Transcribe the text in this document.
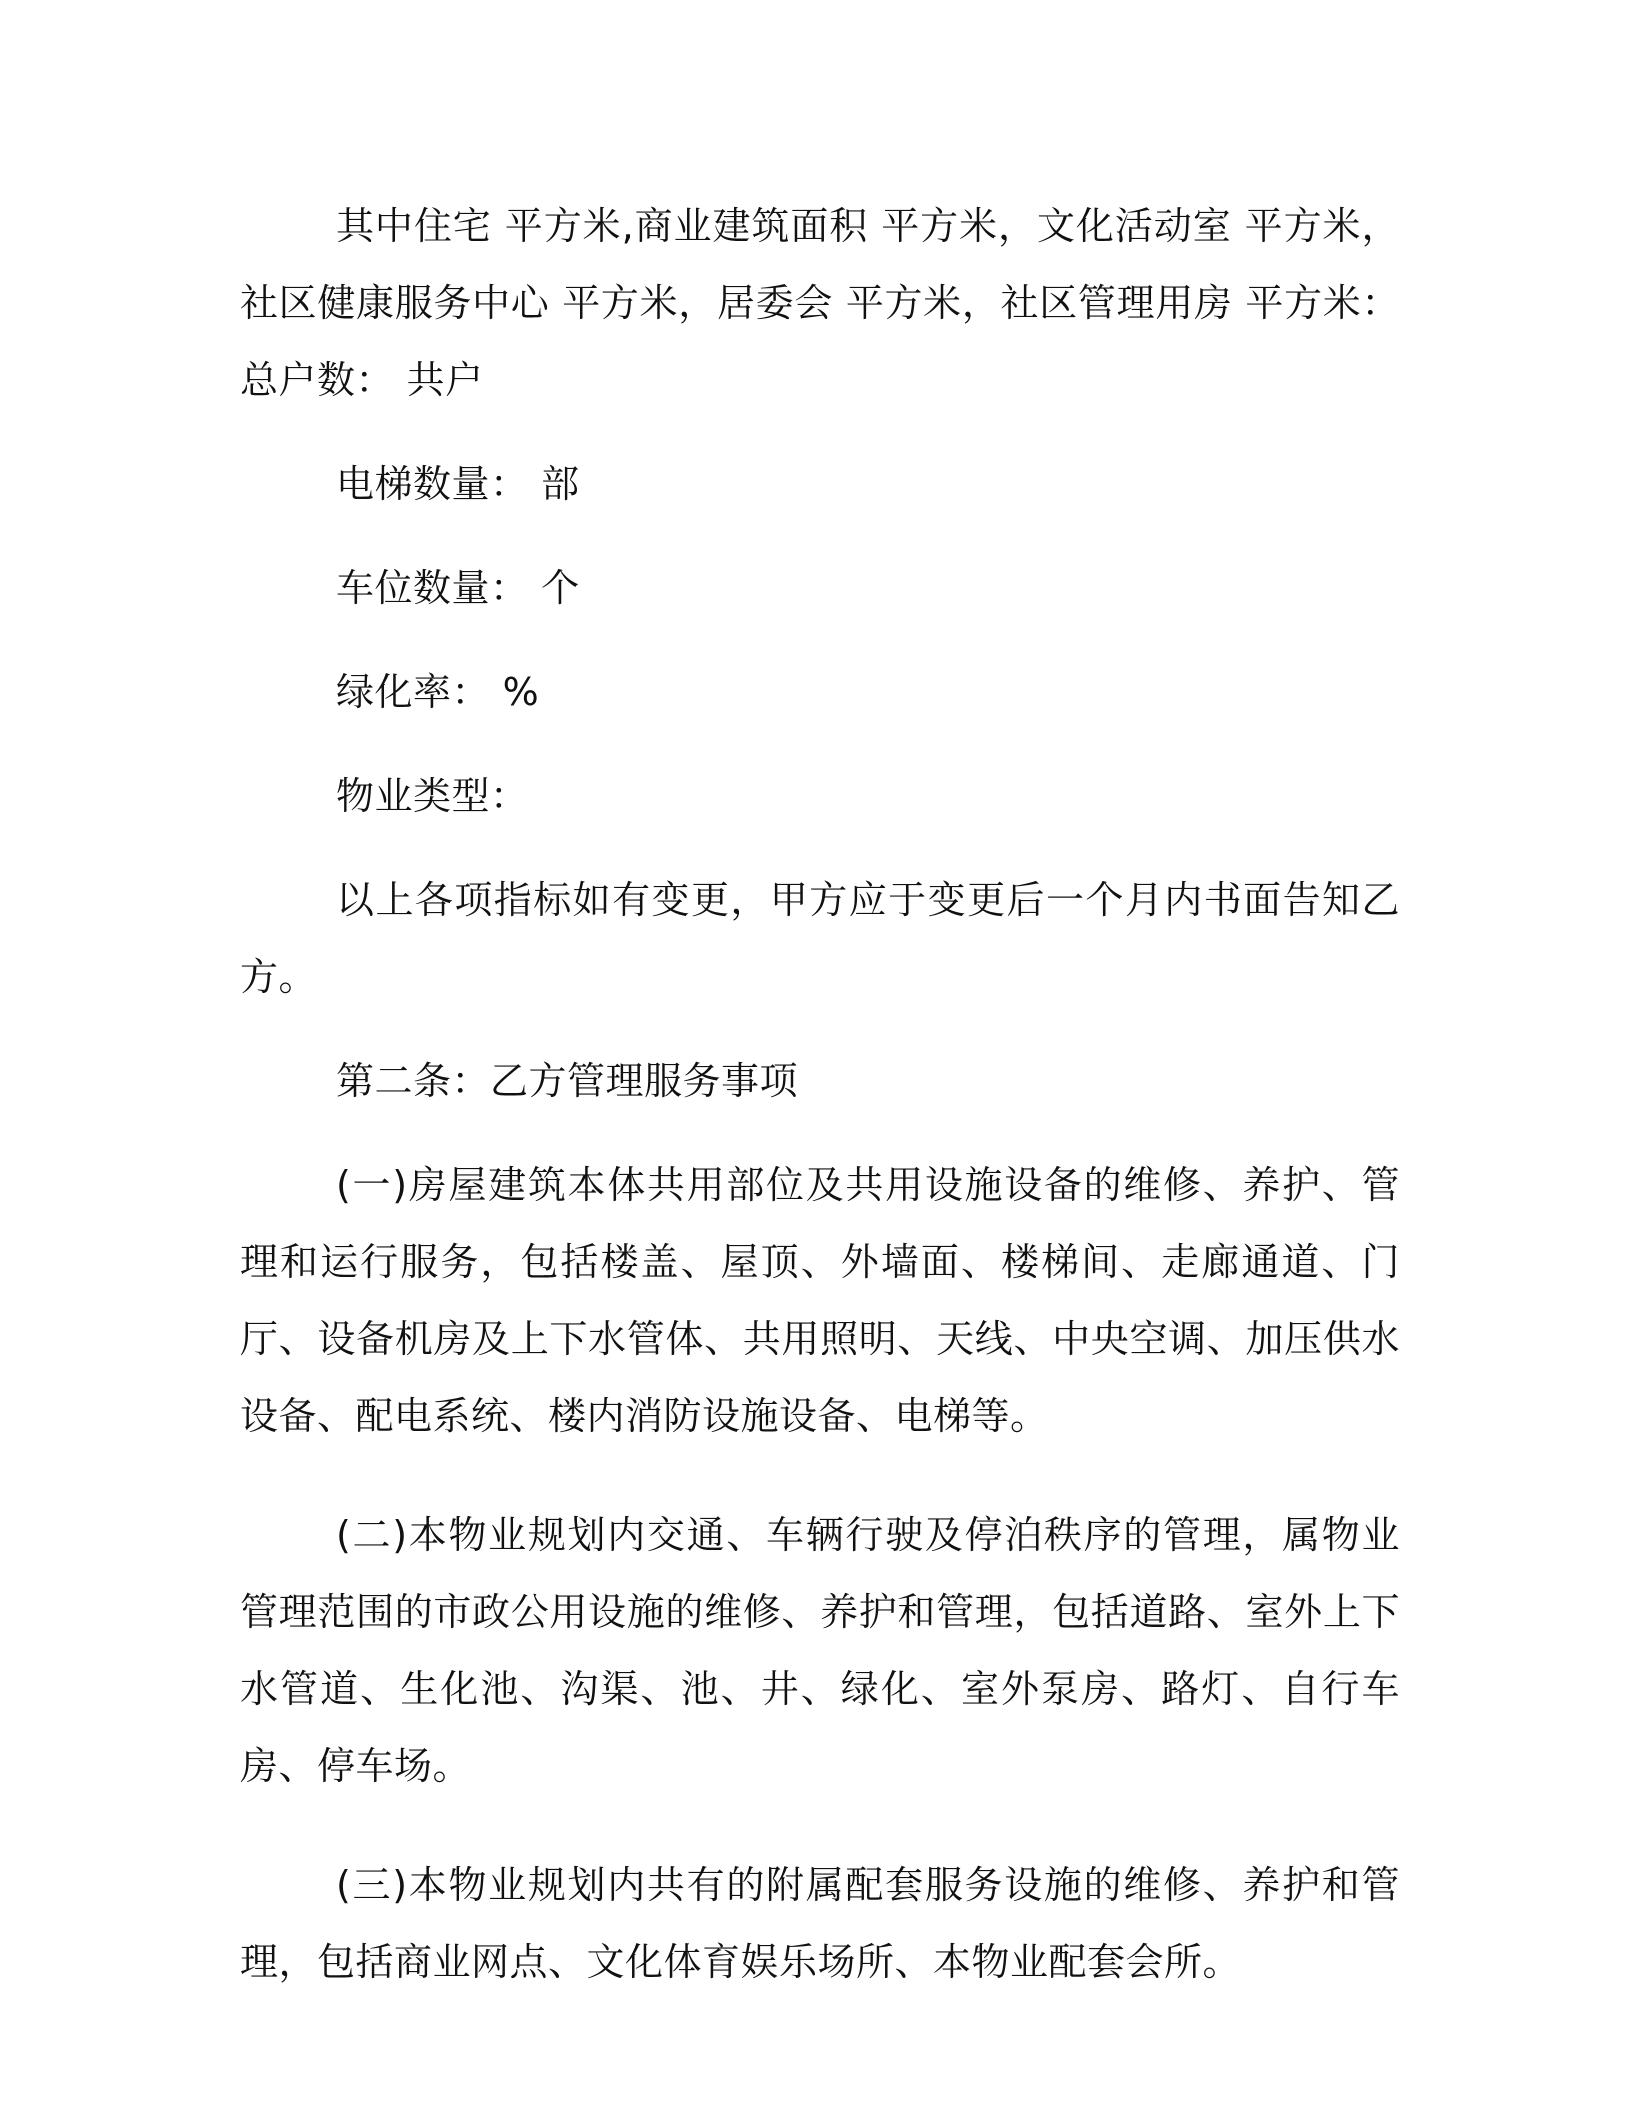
其中住宅 平方米,商业建筑面积 平方米，文化活动室 平方米，社区健康服务中心 平方米，居委会 平方米，社区管理用房 平方米： 总户数： 共户

电梯数量： 部

车位数量： 个

绿化率： %

物业类型：

以上各项指标如有变更，甲方应于变更后一个月内书面告知乙方。

第二条：乙方管理服务事项

(一)房屋建筑本体共用部位及共用设施设备的维修、养护、管理和运行服务，包括楼盖、屋顶、外墙面、楼梯间、走廊通道、门厅、设备机房及上下水管体、共用照明、天线、中央空调、加压供水设备、配电系统、楼内消防设施设备、电梯等。

(二)本物业规划内交通、车辆行驶及停泊秩序的管理，属物业管理范围的市政公用设施的维修、养护和管理，包括道路、室外上下水管道、生化池、沟渠、池、井、绿化、室外泵房、路灯、自行车房、停车场。

(三)本物业规划内共有的附属配套服务设施的维修、养护和管理，包括商业网点、文化体育娱乐场所、本物业配套会所。
